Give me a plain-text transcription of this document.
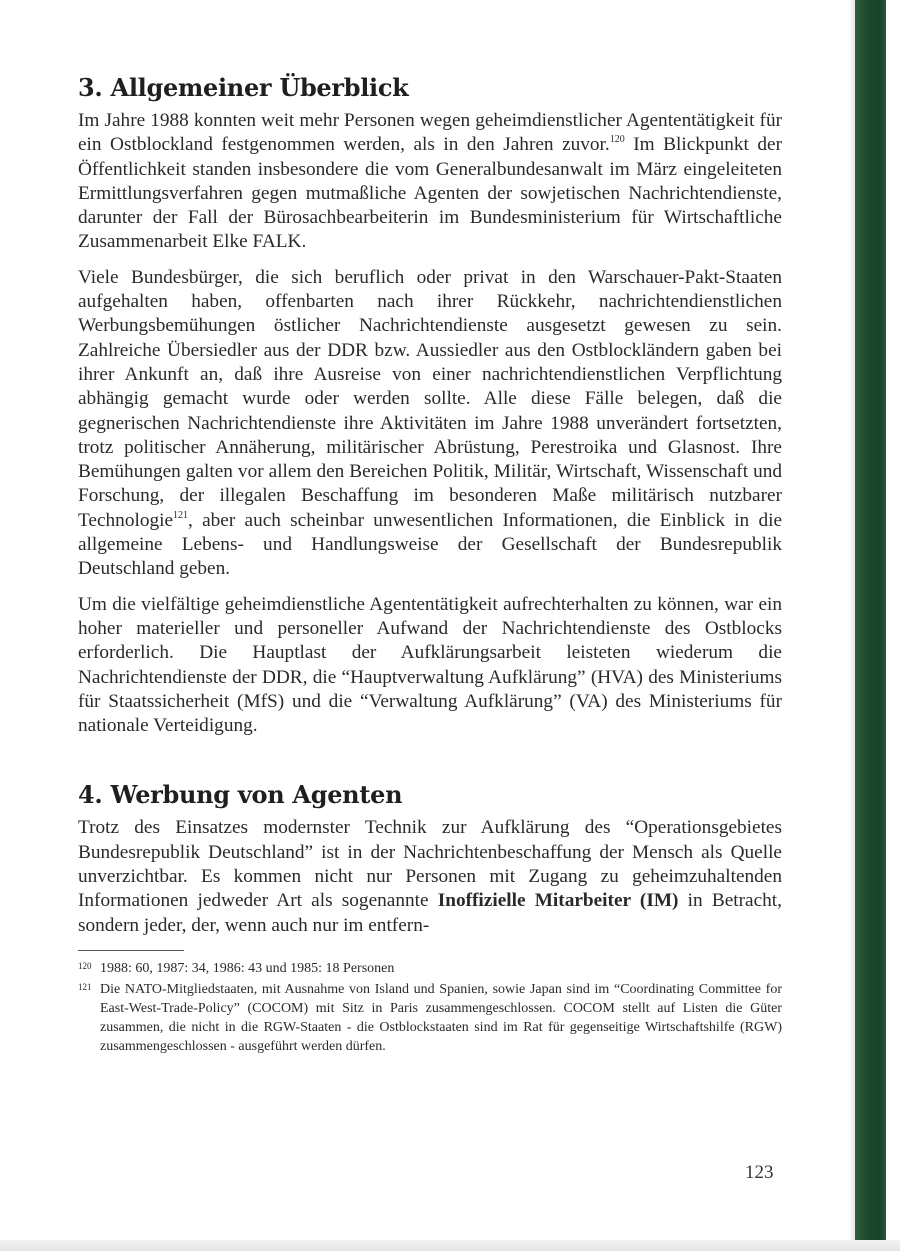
3. Allgemeiner Überblick

Im Jahre 1988 konnten weit mehr Personen wegen geheimdienstlicher Agententätigkeit für ein Ostblockland festgenommen werden, als in den Jahren zuvor.$^{120}$ Im Blickpunkt der Öffentlichkeit standen insbesondere die vom Generalbundesanwalt im März eingeleiteten Ermittlungsverfahren gegen mutmaßliche Agenten der sowjetischen Nachrichtendienste, darunter der Fall der Bürosachbearbeiterin im Bundesministerium für Wirtschaftliche Zusammenarbeit Elke FALK.

Viele Bundesbürger, die sich beruflich oder privat in den Warschauer-Pakt-Staaten aufgehalten haben, offenbarten nach ihrer Rückkehr, nachrichtendienstlichen Werbungsbemühungen östlicher Nachrichtendienste ausgesetzt gewesen zu sein. Zahlreiche Übersiedler aus der DDR bzw. Aussiedler aus den Ostblockländern gaben bei ihrer Ankunft an, daß ihre Ausreise von einer nachrichtendienstlichen Verpflichtung abhängig gemacht wurde oder werden sollte. Alle diese Fälle belegen, daß die gegnerischen Nachrichtendienste ihre Aktivitäten im Jahre 1988 unverändert fortsetzten, trotz politischer Annäherung, militärischer Abrüstung, Perestroika und Glasnost. Ihre Bemühungen galten vor allem den Bereichen Politik, Militär, Wirtschaft, Wissenschaft und Forschung, der illegalen Beschaffung im besonderen Maße militärisch nutzbarer Technologie$^{121}$, aber auch scheinbar unwesentlichen Informationen, die Einblick in die allgemeine Lebens- und Handlungsweise der Gesellschaft der Bundesrepublik Deutschland geben.

Um die vielfältige geheimdienstliche Agententätigkeit aufrechterhalten zu können, war ein hoher materieller und personeller Aufwand der Nachrichtendienste des Ostblocks erforderlich. Die Hauptlast der Aufklärungsarbeit leisteten wiederum die Nachrichtendienste der DDR, die “Hauptverwaltung Aufklärung” (HVA) des Ministeriums für Staatssicherheit (MfS) und die “Verwaltung Aufklärung” (VA) des Ministeriums für nationale Verteidigung.

4. Werbung von Agenten

Trotz des Einsatzes modernster Technik zur Aufklärung des “Operationsgebietes Bundesrepublik Deutschland” ist in der Nachrichtenbeschaffung der Mensch als Quelle unverzichtbar. Es kommen nicht nur Personen mit Zugang zu geheimzuhaltenden Informationen jedweder Art als sogenannte Inoffizielle Mitarbeiter (IM) in Betracht, sondern jeder, der, wenn auch nur im entfern-

120 1988: 60, 1987: 34, 1986: 43 und 1985: 18 Personen

121 Die NATO-Mitgliedstaaten, mit Ausnahme von Island und Spanien, sowie Japan sind im “Coordinating Committee for East-West-Trade-Policy” (COCOM) mit Sitz in Paris zusammengeschlossen. COCOM stellt auf Listen die Güter zusammen, die nicht in die RGW-Staaten - die Ostblockstaaten sind im Rat für gegenseitige Wirtschaftshilfe (RGW) zusammengeschlossen - ausgeführt werden dürfen.

123
